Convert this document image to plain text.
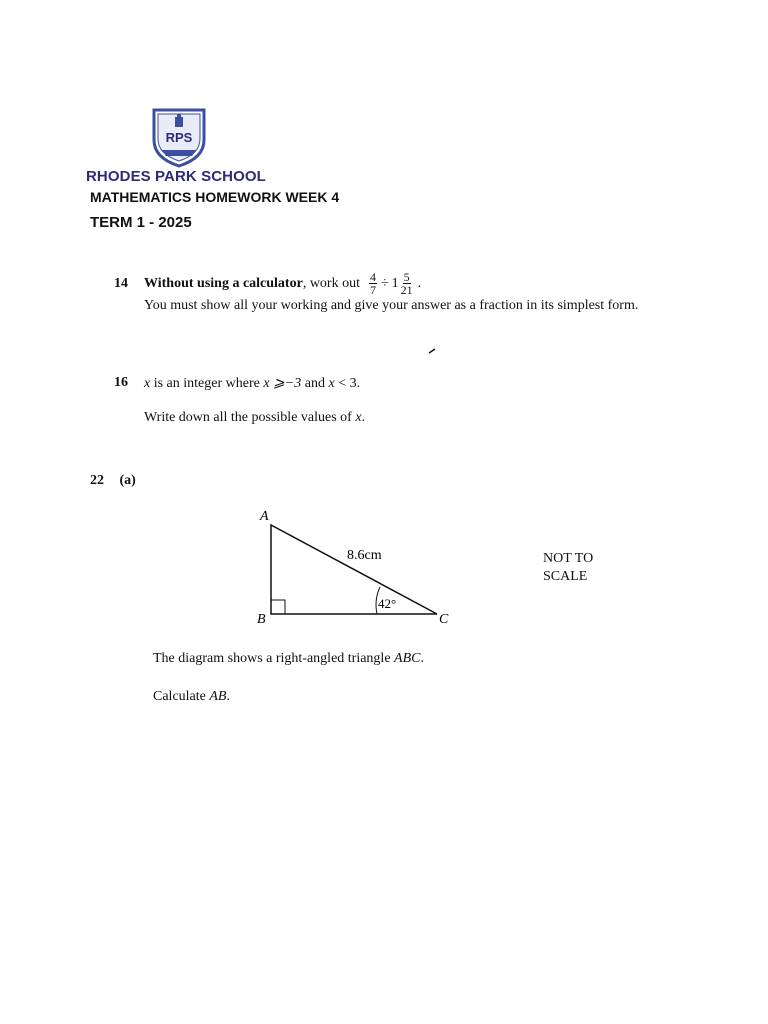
RPS
RHODES PARK SCHOOL
MATHEMATICS HOMEWORK WEEK 4
TERM 1 - 2025
14	Without using a calculator , work out $\frac{4}{7} \div 1 \frac{5}{21}$ .
You must show all your working and give your answer as a fraction in its simplest form.
16	x is an integer where x ⩾−3 and x < 3.
Write down all the possible values of x.
22 (a)
A
B	C
8.6cm
42°
NOT TO
SCALE
The diagram shows a right-angled triangle ABC.
Calculate AB.
